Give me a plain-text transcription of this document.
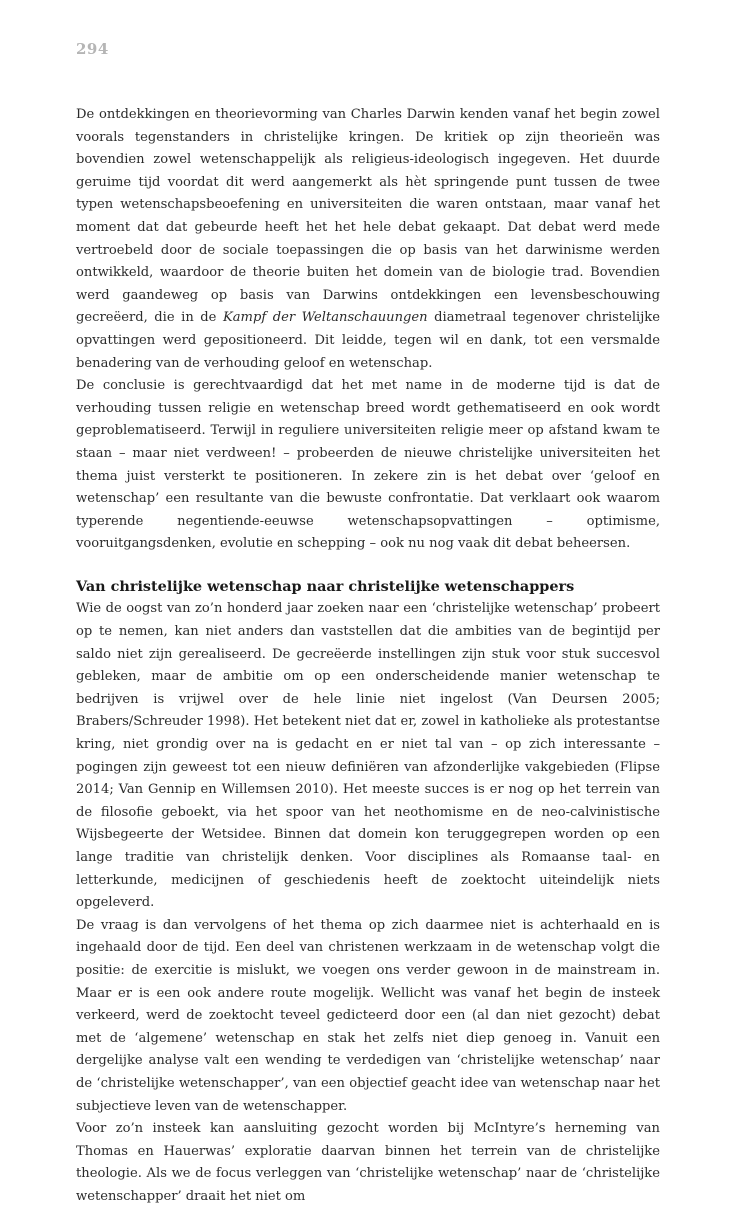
294

De ontdekkingen en theorievorming van Charles Darwin kenden vanaf het begin zowel voorals tegenstanders in christelijke kringen. De kritiek op zijn theorieën was bovendien zowel wetenschappelijk als religieus-ideologisch ingegeven. Het duurde geruime tijd voordat dit werd aangemerkt als hèt springende punt tussen de twee typen wetenschapsbeoefening en universiteiten die waren ontstaan, maar vanaf het moment dat dat gebeurde heeft het het hele debat gekaapt. Dat debat werd mede vertroebeld door de sociale toepassingen die op basis van het darwinisme werden ontwikkeld, waardoor de theorie buiten het domein van de biologie trad. Bovendien werd gaandeweg op basis van Darwins ontdekkingen een levensbeschouwing gecreëerd, die in de Kampf der Weltanschauungen diametraal tegenover christelijke opvattingen werd gepositioneerd. Dit leidde, tegen wil en dank, tot een versmalde benadering van de verhouding geloof en wetenschap.

De conclusie is gerechtvaardigd dat het met name in de moderne tijd is dat de verhouding tussen religie en wetenschap breed wordt gethematiseerd en ook wordt geproblematiseerd. Terwijl in reguliere universiteiten religie meer op afstand kwam te staan – maar niet verdween! – probeerden de nieuwe christelijke universiteiten het thema juist versterkt te positioneren. In zekere zin is het debat over ‘geloof en wetenschap’ een resultante van die bewuste confrontatie. Dat verklaart ook waarom typerende negentiende-eeuwse wetenschapsopvattingen – optimisme, vooruitgangsdenken, evolutie en schepping – ook nu nog vaak dit debat beheersen.

Van christelijke wetenschap naar christelijke wetenschappers

Wie de oogst van zo’n honderd jaar zoeken naar een ‘christelijke wetenschap’ probeert op te nemen, kan niet anders dan vaststellen dat die ambities van de begintijd per saldo niet zijn gerealiseerd. De gecreëerde instellingen zijn stuk voor stuk succesvol gebleken, maar de ambitie om op een onderscheidende manier wetenschap te bedrijven is vrijwel over de hele linie niet ingelost (Van Deursen 2005; Brabers/Schreuder 1998). Het betekent niet dat er, zowel in katholieke als protestantse kring, niet grondig over na is gedacht en er niet tal van – op zich interessante – pogingen zijn geweest tot een nieuw definiëren van afzonderlijke vakgebieden (Flipse 2014; Van Gennip en Willemsen 2010). Het meeste succes is er nog op het terrein van de filosofie geboekt, via het spoor van het neothomisme en de neo-calvinistische Wijsbegeerte der Wetsidee. Binnen dat domein kon teruggegrepen worden op een lange traditie van christelijk denken. Voor disciplines als Romaanse taal- en letterkunde, medicijnen of geschiedenis heeft de zoektocht uiteindelijk niets opgeleverd.

De vraag is dan vervolgens of het thema op zich daarmee niet is achterhaald en is ingehaald door de tijd. Een deel van christenen werkzaam in de wetenschap volgt die positie: de exercitie is mislukt, we voegen ons verder gewoon in de mainstream in. Maar er is een ook andere route mogelijk. Wellicht was vanaf het begin de insteek verkeerd, werd de zoektocht teveel gedicteerd door een (al dan niet gezocht) debat met de ‘algemene’ wetenschap en stak het zelfs niet diep genoeg in. Vanuit een dergelijke analyse valt een wending te verdedigen van ‘christelijke wetenschap’ naar de ‘christelijke wetenschapper’, van een objectief geacht idee van wetenschap naar het subjectieve leven van de wetenschapper.

Voor zo’n insteek kan aansluiting gezocht worden bij McIntyre’s herneming van Thomas en Hauerwas’ exploratie daarvan binnen het terrein van de christelijke theologie. Als we de focus verleggen van ‘christelijke wetenschap’ naar de ‘christelijke wetenschapper’ draait het niet om
